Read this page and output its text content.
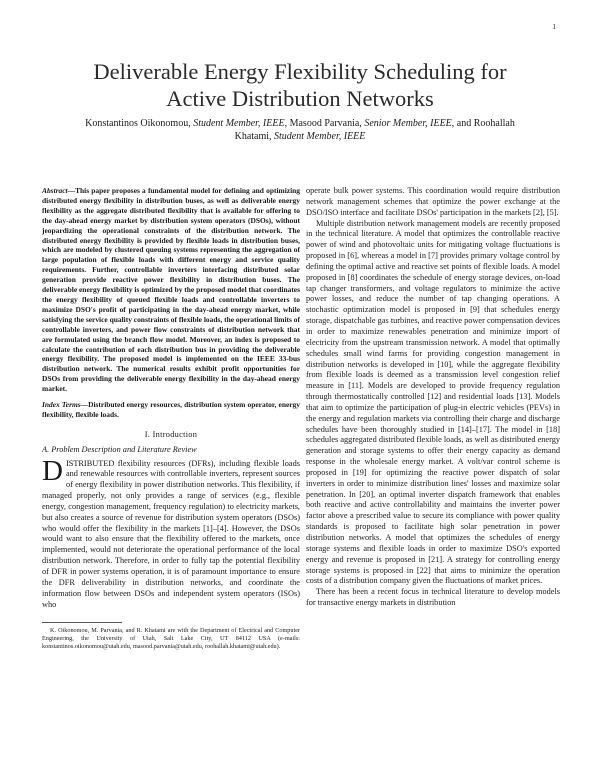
1
Deliverable Energy Flexibility Scheduling for
Active Distribution Networks
Konstantinos Oikonomou, Student Member, IEEE, Masood Parvania, Senior Member, IEEE, and Roohallah
Khatami, Student Member, IEEE

Abstract—This paper proposes a fundamental model for defining and optimizing distributed energy flexibility in distribution buses, as well as deliverable energy flexibility as the aggregate distributed flexibility that is available for offering to the day-ahead energy market by distribution system operators (DSOs), without jeopardizing the operational constraints of the distribution network. The distributed energy flexibility is provided by flexible loads in distribution buses, which are modeled by clustered queuing systems representing the aggregation of large population of flexible loads with different energy and service quality requirements. Further, controllable inverters interfacing distributed solar generation provide reactive power flexibility in distribution buses. The deliverable energy flexibility is optimized by the proposed model that coordinates the energy flexibility of queued flexible loads and controllable inverters to maximize DSO's profit of participating in the day-ahead energy market, while satisfying the service quality constraints of flexible loads, the operational limits of controllable inverters, and power flow constraints of distribution network that are formulated using the branch flow model. Moreover, an index is proposed to calculate the contribution of each distribution bus in providing the deliverable energy flexibility. The proposed model is implemented on the IEEE 33-bus distribution network. The numerical results exhibit profit opportunities for DSOs from providing the deliverable energy flexibility in the day-ahead energy market.

Index Terms—Distributed energy resources, distribution system operator, energy flexibility, flexible loads.

I. Introduction
A. Problem Description and Literature Review

DISTRIBUTED flexibility resources (DFRs), including flexible loads and renewable resources with controllable inverters, represent sources of energy flexibility in power distribution networks. This flexibility, if managed properly, not only provides a range of services (e.g., flexible energy, congestion management, frequency regulation) to electricity markets, but also creates a source of revenue for distribution system operators (DSOs) who would offer the flexibility in the markets [1]–[4]. However, the DSOs would want to also ensure that the flexibility offered to the markets, once implemented, would not deteriorate the operational performance of the local distribution network. Therefore, in order to fully tap the potential flexibility of DFR in power systems operation, it is of paramount importance to ensure the DFR deliverability in distribution networks, and coordinate the information flow between DSOs and independent system operators (ISOs) who

K. Oikonomou, M. Parvania, and R. Khatami are with the Department of Electrical and Computer Engineering, the University of Utah, Salt Lake City, UT 84112 USA (e-mails: konstantinos.oikonomou@utah.edu, masood.parvania@utah.edu, roohallah.khatami@utah.edu).

operate bulk power systems. This coordination would require distribution network management schemes that optimize the power exchange at the DSO/ISO interface and facilitate DSOs' participation in the markets [2], [5].

Multiple distribution network management models are recently proposed in the technical literature. A model that optimizes the controllable reactive power of wind and photovoltaic units for mitigating voltage fluctuations is proposed in [6], whereas a model in [7] provides primary voltage control by defining the optimal active and reactive set points of flexible loads. A model proposed in [8] coordinates the schedule of energy storage devices, on-load tap changer transformers, and voltage regulators to minimize the active power losses, and reduce the number of tap changing operations. A stochastic optimization model is proposed in [9] that schedules energy storage, dispatchable gas turbines, and reactive power compensation devices in order to maximize renewables penetration and minimize import of electricity from the upstream transmission network. A model that optimally schedules small wind farms for providing congestion management in distribution networks is developed in [10], while the aggregate flexibility from flexible loads is deemed as a transmission level congestion relief measure in [11]. Models are developed to provide frequency regulation through thermostatically controlled [12] and residential loads [13]. Models that aim to optimize the participation of plug-in electric vehicles (PEVs) in the energy and regulation markets via controlling their charge and discharge schedules have been thoroughly studied in [14]–[17]. The model in [18] schedules aggregated distributed flexible loads, as well as distributed energy generation and storage systems to offer their energy capacity as demand response in the wholesale energy market. A volt/var control scheme is proposed in [19] for optimizing the reactive power dispatch of solar inverters in order to minimize distribution lines' losses and maximize solar penetration. In [20], an optimal inverter dispatch framework that enables both reactive and active controllability and maintains the inverter power factor above a prescribed value to secure its compliance with power quality standards is proposed to facilitate high solar penetration in power distribution networks. A model that optimizes the schedules of energy storage systems and flexible loads in order to maximize DSO's exported energy and revenue is proposed in [21]. A strategy for controlling energy storage systems is proposed in [22] that aims to minimize the operation costs of a distribution company given the fluctuations of market prices.

There has been a recent focus in technical literature to develop models for transactive energy markets in distribution
